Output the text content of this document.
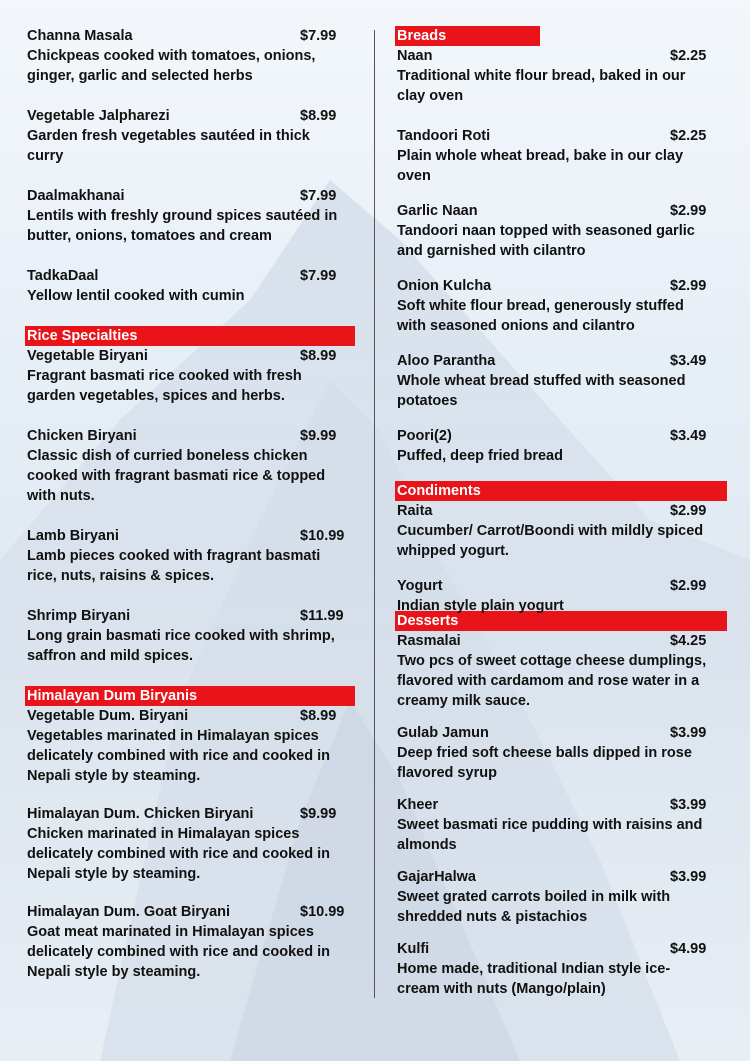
Channa Masala	$7.99
Chickpeas cooked with tomatoes, onions,
ginger, garlic and selected herbs
Vegetable Jalpharezi	$8.99
Garden fresh vegetables sautéed in thick
curry
Daalmakhanai	$7.99
Lentils with freshly ground spices sautéed in
butter, onions, tomatoes and cream
TadkaDaal	$7.99
Yellow lentil cooked with cumin
Rice Specialties
Vegetable Biryani	$8.99
Fragrant basmati rice cooked with fresh
garden vegetables, spices and herbs.
Chicken Biryani	$9.99
Classic dish of curried boneless chicken
cooked with fragrant basmati rice & topped
with nuts.
Lamb Biryani	$10.99
Lamb pieces cooked with fragrant basmati
rice, nuts, raisins & spices.
Shrimp Biryani	$11.99
Long grain basmati rice cooked with shrimp,
saffron and mild spices.
Himalayan Dum Biryanis
Vegetable Dum. Biryani	$8.99
Vegetables marinated in Himalayan spices
delicately combined with rice and cooked in
Nepali style by steaming.
Himalayan Dum. Chicken Biryani	$9.99
Chicken marinated in Himalayan spices
delicately combined with rice and cooked in
Nepali style by steaming.
Himalayan Dum. Goat Biryani	$10.99
Goat meat marinated in Himalayan spices
delicately combined with rice and cooked in
Nepali style by steaming.
Breads
Naan	$2.25
Traditional white flour bread, baked in our
clay oven
Tandoori Roti	$2.25
Plain whole wheat bread, bake in our clay
oven
Garlic Naan	$2.99
Tandoori naan topped with seasoned garlic
and garnished with cilantro
Onion Kulcha	$2.99
Soft white flour bread, generously stuffed
with seasoned onions and cilantro
Aloo Parantha	$3.49
Whole wheat bread stuffed with seasoned
potatoes
Poori(2)	$3.49
Puffed, deep fried bread
Condiments
Raita	$2.99
Cucumber/ Carrot/Boondi with mildly spiced
whipped yogurt.
Yogurt	$2.99
Indian style plain yogurt
Desserts
Rasmalai	$4.25
Two pcs of sweet cottage cheese dumplings,
flavored with cardamom and rose water in a
creamy milk sauce.
Gulab Jamun	$3.99
Deep fried soft cheese balls dipped in rose
flavored syrup
Kheer	$3.99
Sweet basmati rice pudding with raisins and
almonds
GajarHalwa	$3.99
Sweet grated carrots boiled in milk with
shredded nuts & pistachios
Kulfi	$4.99
Home made, traditional Indian style ice-
cream with nuts (Mango/plain)
